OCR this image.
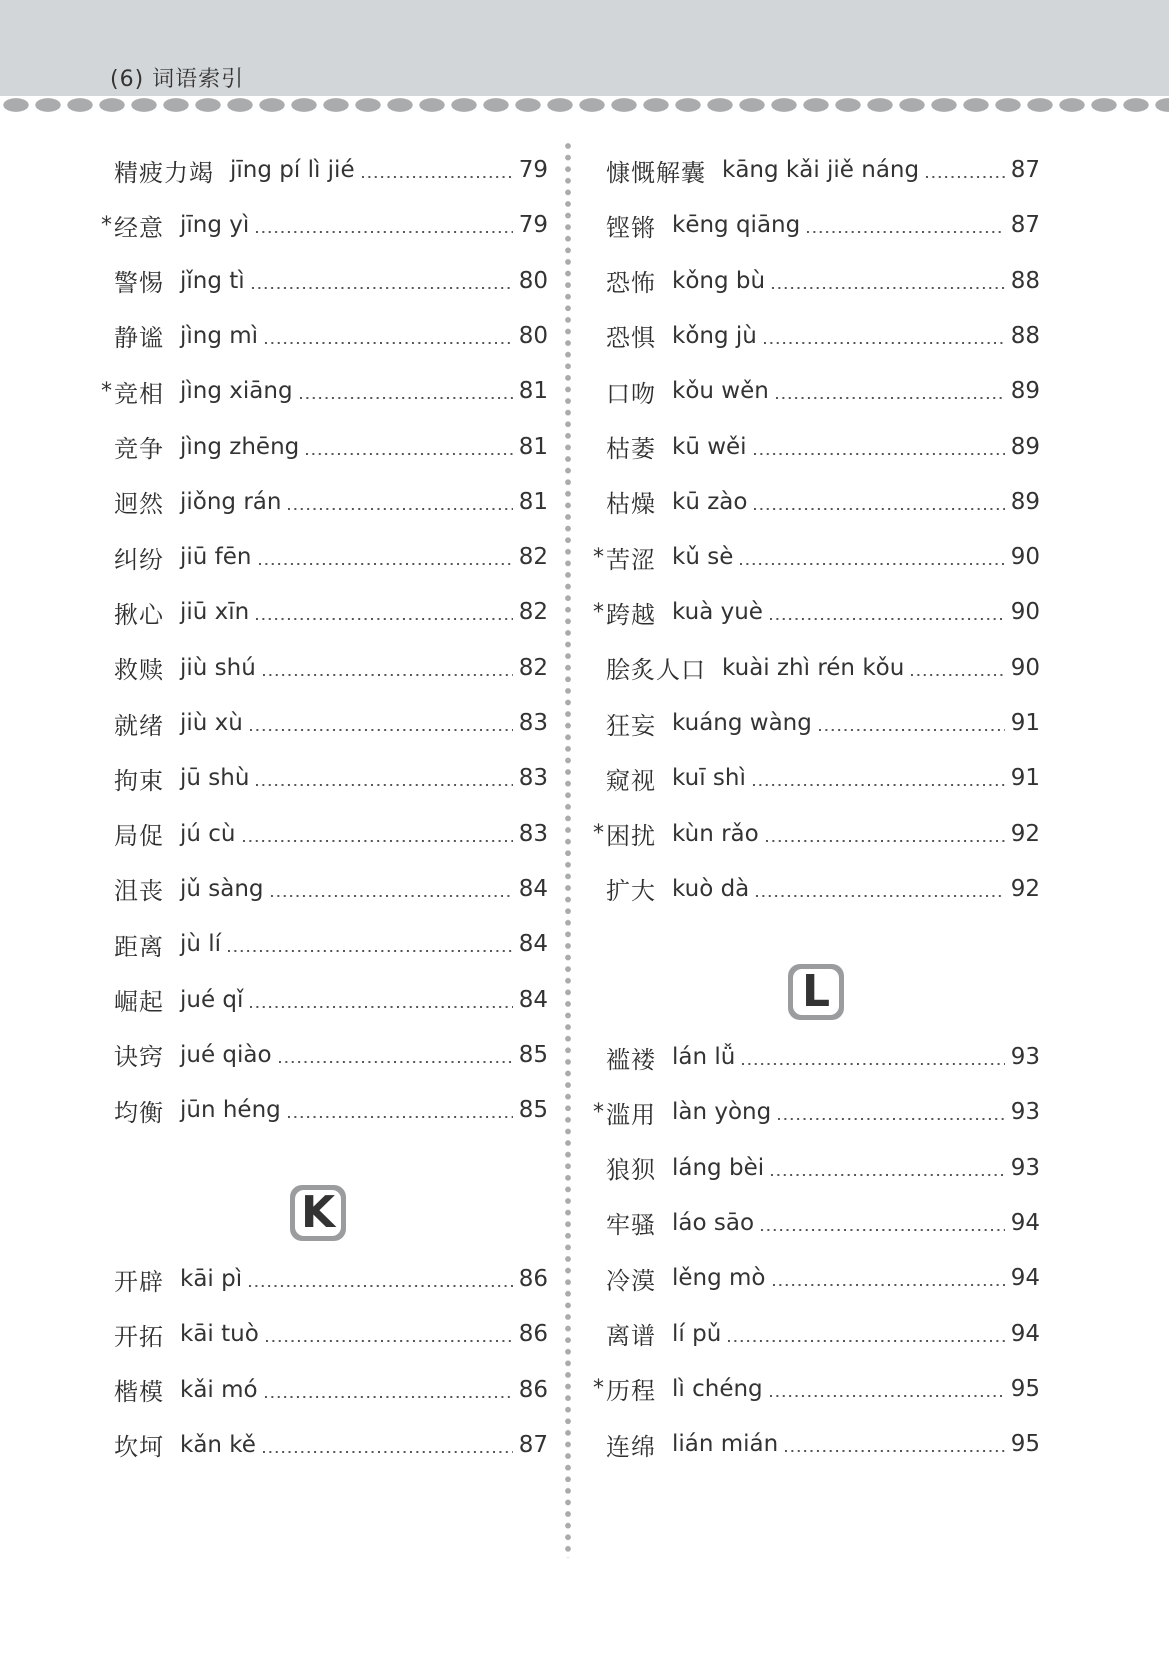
(6) 词语索引
精疲力竭 jīng pí lì jié	79
* 经意 jīng yì	79
警惕 jǐng tì	80
静谧 jìng mì	80
* 竞相 jìng xiāng	81
竞争 jìng zhēng	81
迥然 jiǒng rán	81
纠纷 jiū fēn	82
揪心 jiū xīn	82
救赎 jiù shú	82
就绪 jiù xù	83
拘束 jū shù	83
局促 jú cù	83
沮丧 jǔ sàng	84
距离 jù lí	84
崛起 jué qǐ	84
诀窍 jué qiào	85
均衡 jūn héng	85
K
开辟 kāi pì	86
开拓 kāi tuò	86
楷模 kǎi mó	86
坎坷 kǎn kě	87
慷慨解囊 kāng kǎi jiě náng	87
铿锵 kēng qiāng	87
恐怖 kǒng bù	88
恐惧 kǒng jù	88
口吻 kǒu wěn	89
枯萎 kū wěi	89
枯燥 kū zào	89
* 苦涩 kǔ sè	90
* 跨越 kuà yuè	90
脍炙人口 kuài zhì rén kǒu	90
狂妄 kuáng wàng	91
窥视 kuī shì	91
* 困扰 kùn rǎo	92
扩大 kuò dà	92
L
褴褛 lán lǚ	93
* 滥用 làn yòng	93
狼狈 láng bèi	93
牢骚 láo sāo	94
冷漠 lěng mò	94
离谱 lí pǔ	94
* 历程 lì chéng	95
连绵 lián mián	95
